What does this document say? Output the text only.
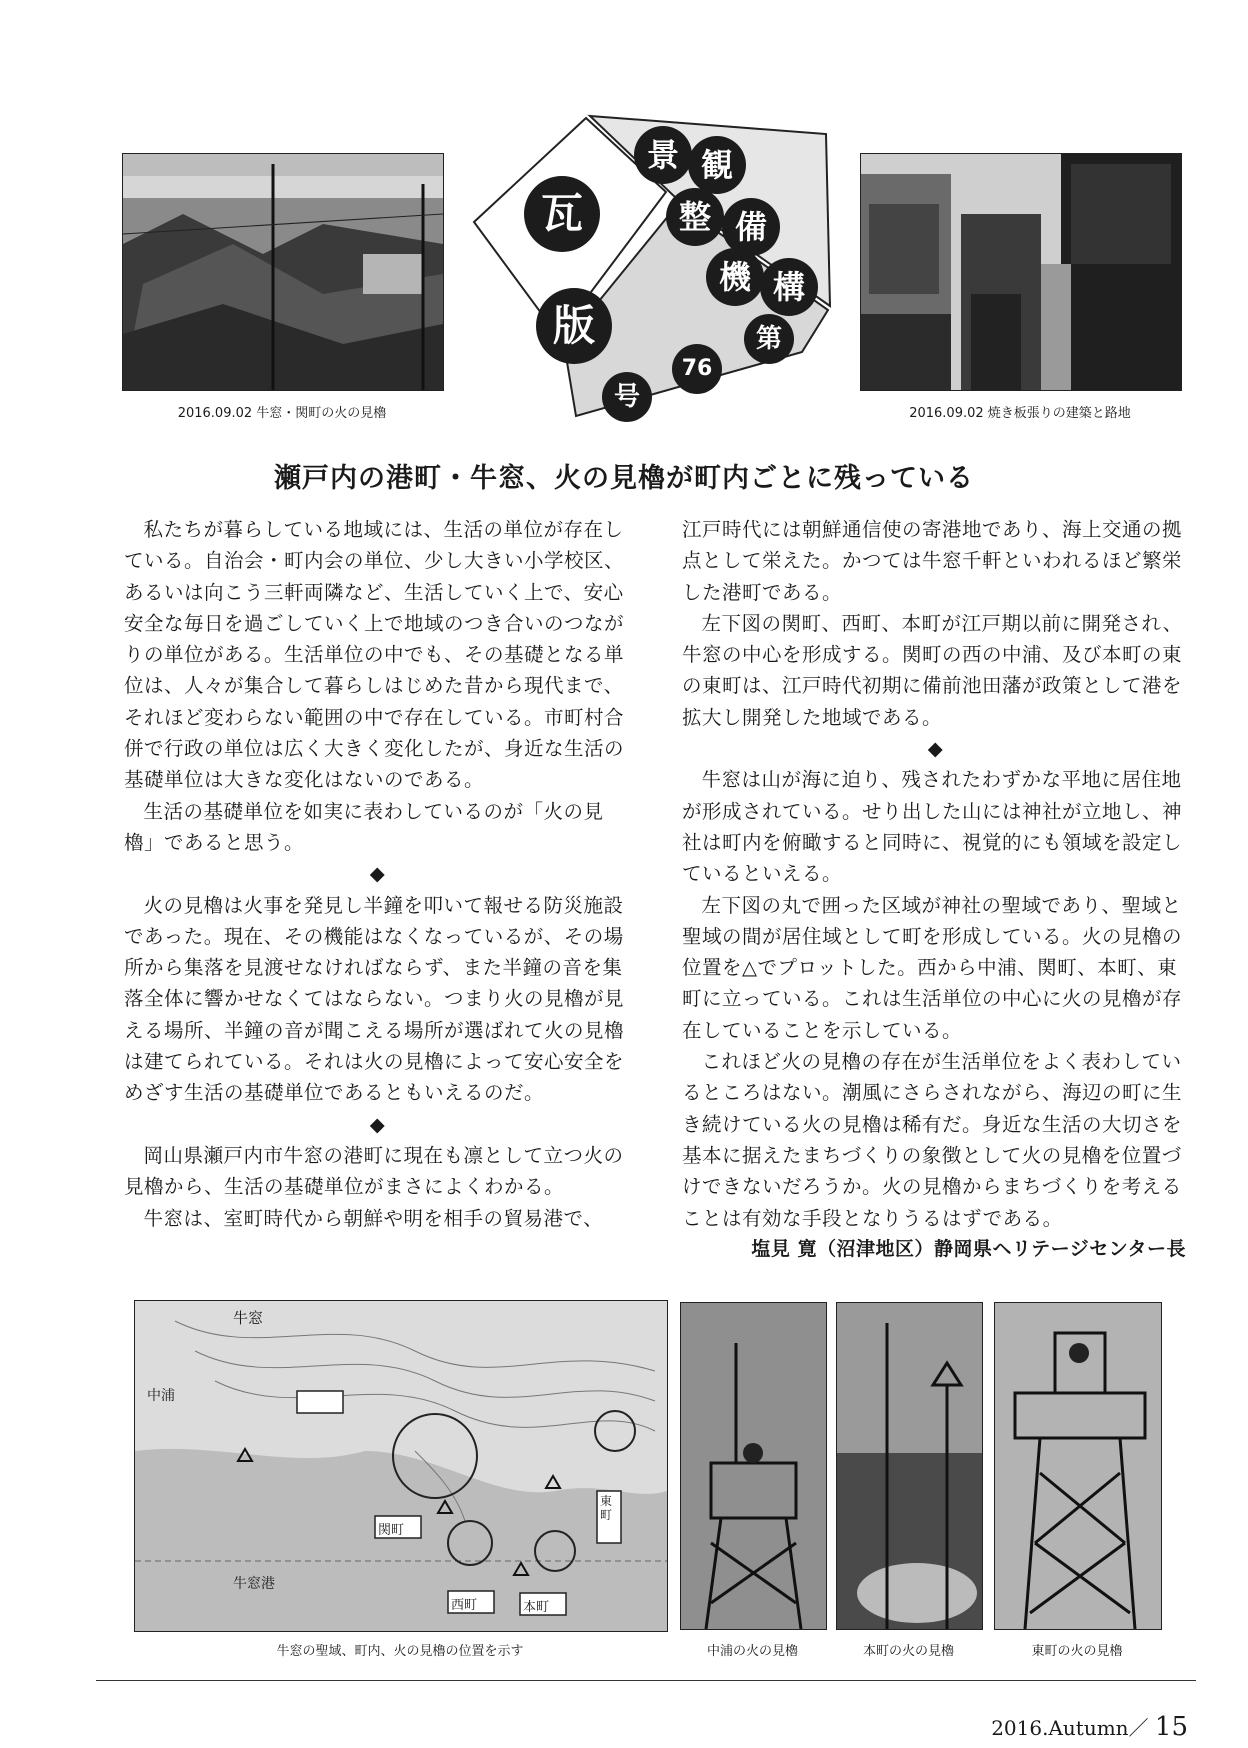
2016.09.02 牛窓・関町の火の見櫓
瓦
版
景 観
整 備
機 構
第
76
号
2016.09.02 焼き板張りの建築と路地
瀬戸内の港町・牛窓、火の見櫓が町内ごとに残っている

私たちが暮らしている地域には、生活の単位が存在している。自治会・町内会の単位、少し大きい小学校区、あるいは向こう三軒両隣など、生活していく上で、安心安全な毎日を過ごしていく上で地域のつき合いのつながりの単位がある。生活単位の中でも、その基礎となる単位は、人々が集合して暮らしはじめた昔から現代まで、それほど変わらない範囲の中で存在している。市町村合併で行政の単位は広く大きく変化したが、身近な生活の基礎単位は大きな変化はないのである。

生活の基礎単位を如実に表わしているのが「火の見櫓」であると思う。

◆

火の見櫓は火事を発見し半鐘を叩いて報せる防災施設であった。現在、その機能はなくなっているが、その場所から集落を見渡せなければならず、また半鐘の音を集落全体に響かせなくてはならない。つまり火の見櫓が見える場所、半鐘の音が聞こえる場所が選ばれて火の見櫓は建てられている。それは火の見櫓によって安心安全をめざす生活の基礎単位であるともいえるのだ。

◆

岡山県瀬戸内市牛窓の港町に現在も凛として立つ火の見櫓から、生活の基礎単位がまさによくわかる。

牛窓は、室町時代から朝鮮や明を相手の貿易港で、

江戸時代には朝鮮通信使の寄港地であり、海上交通の拠点として栄えた。かつては牛窓千軒といわれるほど繁栄した港町である。

左下図の関町、西町、本町が江戸期以前に開発され、牛窓の中心を形成する。関町の西の中浦、及び本町の東の東町は、江戸時代初期に備前池田藩が政策として港を拡大し開発した地域である。

◆

牛窓は山が海に迫り、残されたわずかな平地に居住地が形成されている。せり出した山には神社が立地し、神社は町内を俯瞰すると同時に、視覚的にも領域を設定しているといえる。

左下図の丸で囲った区域が神社の聖域であり、聖域と聖域の間が居住域として町を形成している。火の見櫓の位置を△でプロットした。西から中浦、関町、本町、東町に立っている。これは生活単位の中心に火の見櫓が存在していることを示している。

これほど火の見櫓の存在が生活単位をよく表わしているところはない。潮風にさらされながら、海辺の町に生き続けている火の見櫓は稀有だ。身近な生活の大切さを基本に据えたまちづくりの象徴として火の見櫓を位置づけできないだろうか。火の見櫓からまちづくりを考えることは有効な手段となりうるはずである。

塩見 寛（沼津地区）静岡県ヘリテージセンター長
牛窓
中浦
関町
西町	本町
東町
牛窓港
牛窓の聖域、町内、火の見櫓の位置を示す	中浦の火の見櫓	本町の火の見櫓	東町の火の見櫓
2016.Autumn／ 15
